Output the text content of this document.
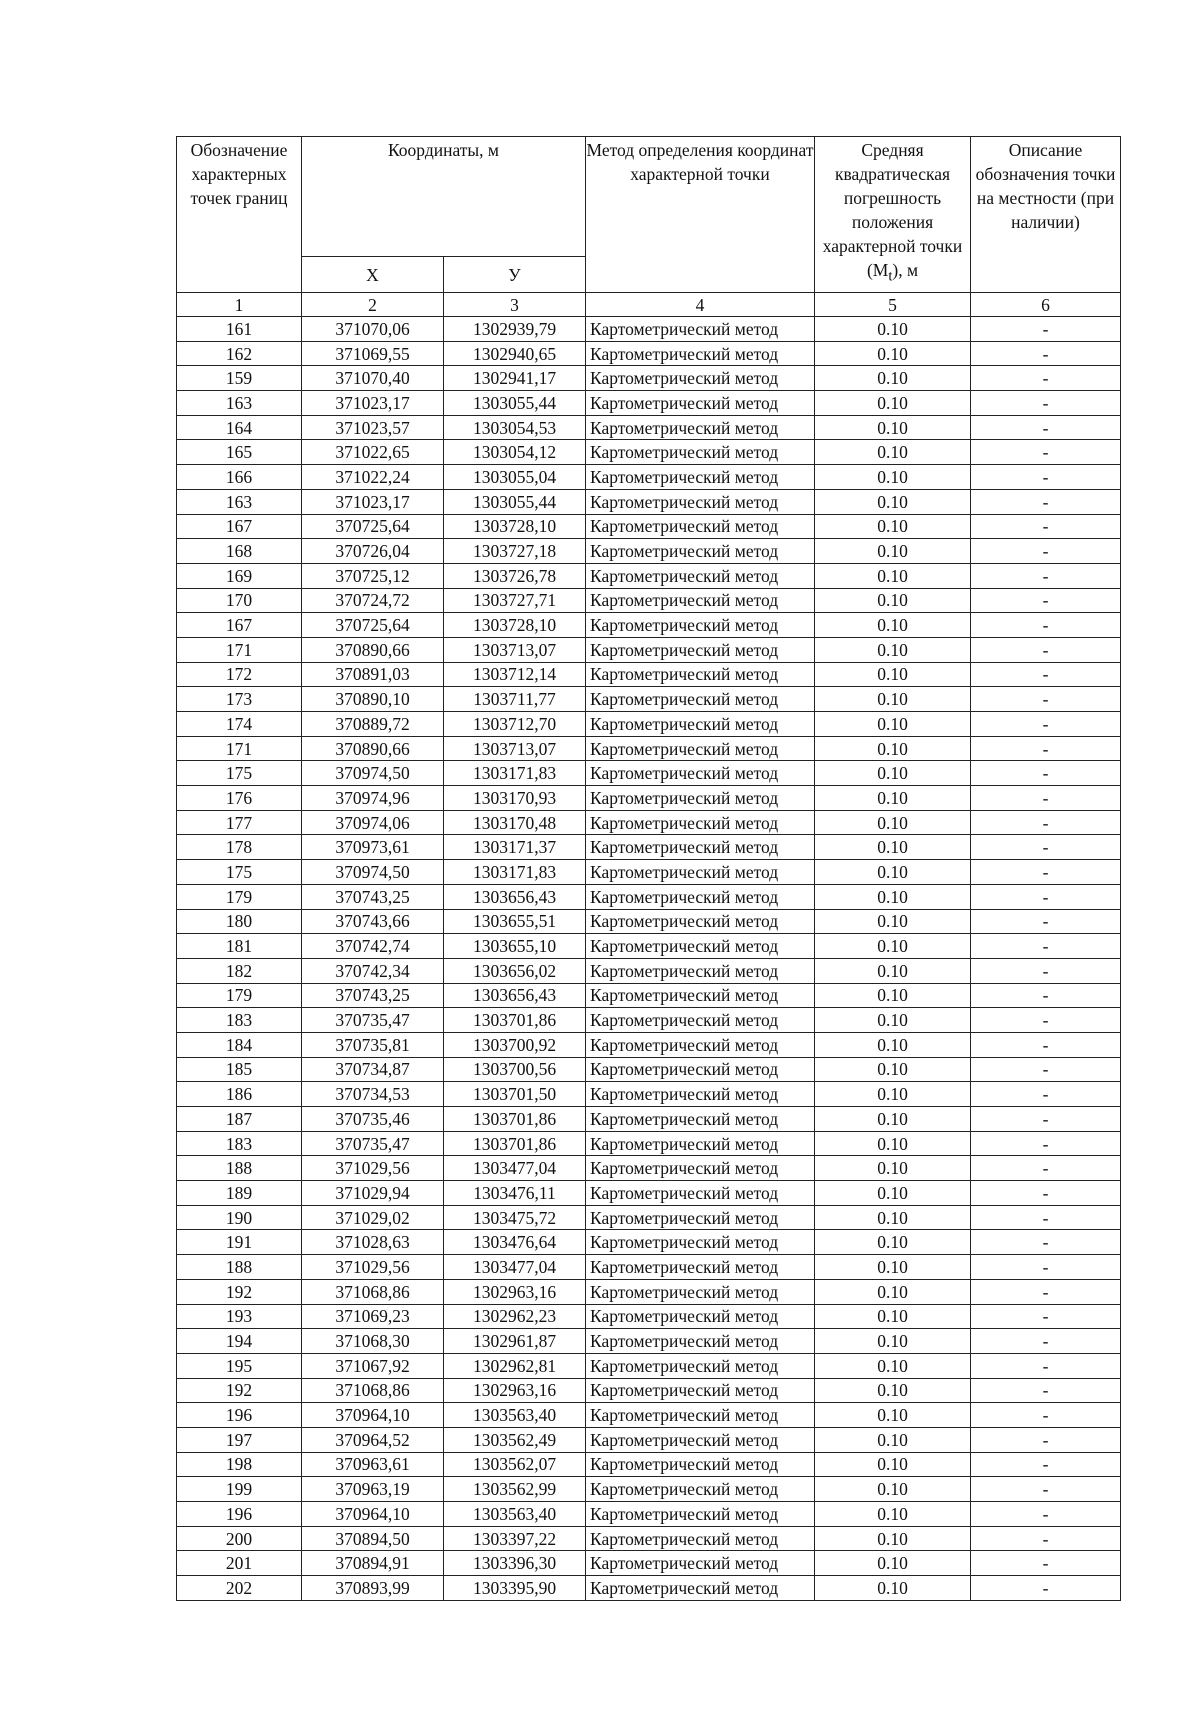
Обозначение характерных точек границ	Координаты, м		Метод определения координат характерной точки	Средняя квадратическая погрешность положения характерной точки $(M_t)$, м	Описание обозначения точки на местности (при наличии)
	X	У			
1	2	3	4	5	6
161	371070,06	1302939,79	Картометрический метод	0.10	-
162	371069,55	1302940,65	Картометрический метод	0.10	-
159	371070,40	1302941,17	Картометрический метод	0.10	-
163	371023,17	1303055,44	Картометрический метод	0.10	-
164	371023,57	1303054,53	Картометрический метод	0.10	-
165	371022,65	1303054,12	Картометрический метод	0.10	-
166	371022,24	1303055,04	Картометрический метод	0.10	-
163	371023,17	1303055,44	Картометрический метод	0.10	-
167	370725,64	1303728,10	Картометрический метод	0.10	-
168	370726,04	1303727,18	Картометрический метод	0.10	-
169	370725,12	1303726,78	Картометрический метод	0.10	-
170	370724,72	1303727,71	Картометрический метод	0.10	-
167	370725,64	1303728,10	Картометрический метод	0.10	-
171	370890,66	1303713,07	Картометрический метод	0.10	-
172	370891,03	1303712,14	Картометрический метод	0.10	-
173	370890,10	1303711,77	Картометрический метод	0.10	-
174	370889,72	1303712,70	Картометрический метод	0.10	-
171	370890,66	1303713,07	Картометрический метод	0.10	-
175	370974,50	1303171,83	Картометрический метод	0.10	-
176	370974,96	1303170,93	Картометрический метод	0.10	-
177	370974,06	1303170,48	Картометрический метод	0.10	-
178	370973,61	1303171,37	Картометрический метод	0.10	-
175	370974,50	1303171,83	Картометрический метод	0.10	-
179	370743,25	1303656,43	Картометрический метод	0.10	-
180	370743,66	1303655,51	Картометрический метод	0.10	-
181	370742,74	1303655,10	Картометрический метод	0.10	-
182	370742,34	1303656,02	Картометрический метод	0.10	-
179	370743,25	1303656,43	Картометрический метод	0.10	-
183	370735,47	1303701,86	Картометрический метод	0.10	-
184	370735,81	1303700,92	Картометрический метод	0.10	-
185	370734,87	1303700,56	Картометрический метод	0.10	-
186	370734,53	1303701,50	Картометрический метод	0.10	-
187	370735,46	1303701,86	Картометрический метод	0.10	-
183	370735,47	1303701,86	Картометрический метод	0.10	-
188	371029,56	1303477,04	Картометрический метод	0.10	-
189	371029,94	1303476,11	Картометрический метод	0.10	-
190	371029,02	1303475,72	Картометрический метод	0.10	-
191	371028,63	1303476,64	Картометрический метод	0.10	-
188	371029,56	1303477,04	Картометрический метод	0.10	-
192	371068,86	1302963,16	Картометрический метод	0.10	-
193	371069,23	1302962,23	Картометрический метод	0.10	-
194	371068,30	1302961,87	Картометрический метод	0.10	-
195	371067,92	1302962,81	Картометрический метод	0.10	-
192	371068,86	1302963,16	Картометрический метод	0.10	-
196	370964,10	1303563,40	Картометрический метод	0.10	-
197	370964,52	1303562,49	Картометрический метод	0.10	-
198	370963,61	1303562,07	Картометрический метод	0.10	-
199	370963,19	1303562,99	Картометрический метод	0.10	-
196	370964,10	1303563,40	Картометрический метод	0.10	-
200	370894,50	1303397,22	Картометрический метод	0.10	-
201	370894,91	1303396,30	Картометрический метод	0.10	-
202	370893,99	1303395,90	Картометрический метод	0.10	-
